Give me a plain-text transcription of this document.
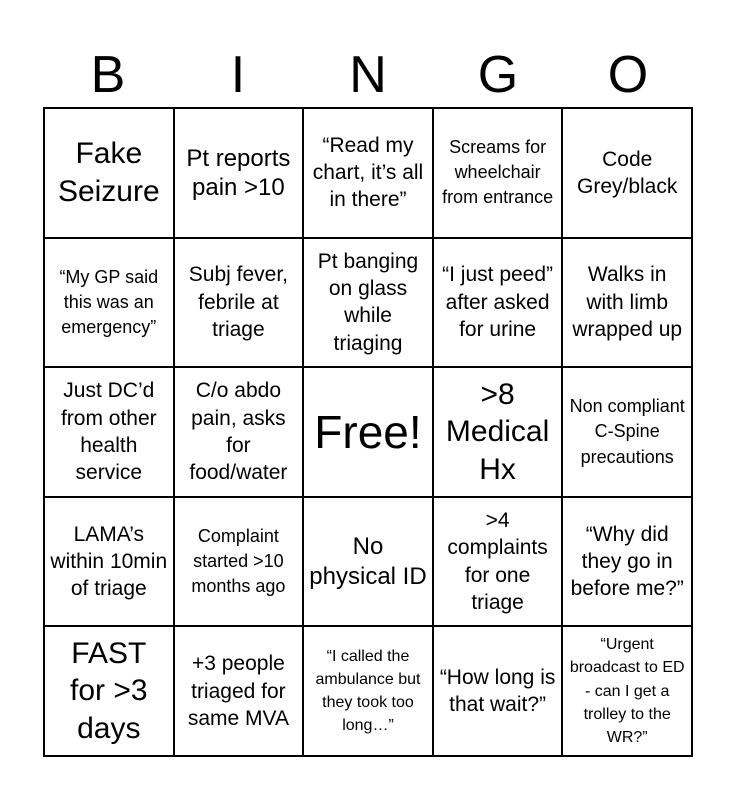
B	I	N	G	O
Fake Seizure
Pt reports pain >10
“Read my chart, it’s all in there”
Screams for wheelchair from entrance
Code Grey/black
“My GP said this was an emergency”
Subj fever, febrile at triage
Pt banging on glass while triaging
“I just peed” after asked for urine
Walks in with limb wrapped up
Just DC’d from other health service
C/o abdo pain, asks for food/water
Free!
>8 Medical Hx
Non compliant C-Spine precautions
LAMA’s within 10min of triage
Complaint started >10 months ago
No physical ID
>4 complaints for one triage
“Why did they go in before me?”
FAST for >3 days
+3 people triaged for same MVA
“I called the ambulance but they took too long…”
“How long is that wait?”
“Urgent broadcast to ED - can I get a trolley to the WR?”
